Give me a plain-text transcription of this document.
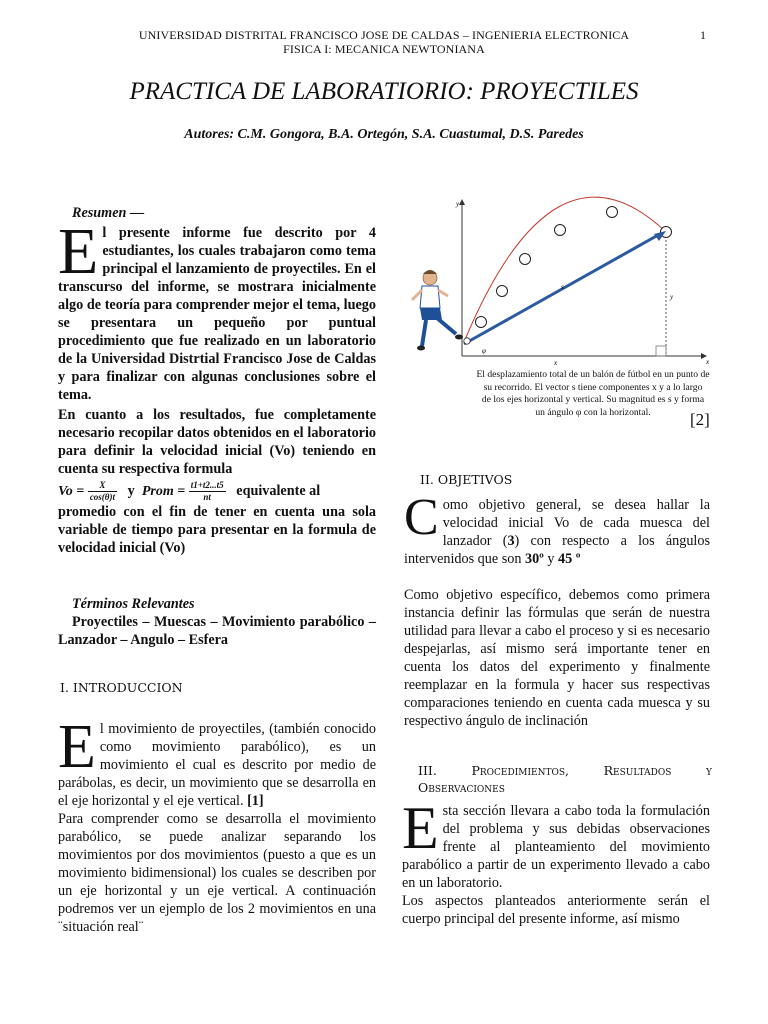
UNIVERSIDAD DISTRITAL FRANCISCO JOSE DE CALDAS – INGENIERIA ELECTRONICA
FISICA I: MECANICA NEWTONIANA
1
PRACTICA DE LABORATIORIO: PROYECTILES
Autores: C.M. Gongora, B.A. Ortegón, S.A. Cuastumal, D.S. Paredes
Resumen —
E l presente informe fue descrito por 4 estudiantes, los cuales trabajaron como tema principal el lanzamiento de proyectiles. En el transcurso del informe, se mostrara inicialmente algo de teoría para comprender mejor el tema, luego se presentara un pequeño por puntual procedimiento que fue realizado en un laboratorio de la Universidad Distrtial Francisco Jose de Caldas y para finalizar con algunas conclusiones sobre el tema.
En cuanto a los resultados, fue completamente necesario recopilar datos obtenidos en el laboratorio para definir la velocidad inicial (Vo) teniendo en cuenta su respectiva formula
$Vo = \frac{X}{\cos(\theta)t}$ y Prom = $\frac{t1+t2...t5}{nt}$ equivalente al
promedio con el fin de tener en cuenta una sola variable de tiempo para presentar en la formula de velocidad inicial (Vo)
Términos Relevantes
Proyectiles – Muescas – Movimiento parabólico – Lanzador – Angulo – Esfera
I. INTRODUCCION
E l movimiento de proyectiles, (también conocido como movimiento parabólico), es un movimiento el cual es descrito por medio de parábolas, es decir, un movimiento que se desarrolla en el eje horizontal y el eje vertical. [1]
Para comprender como se desarrolla el movimiento parabólico, se puede analizar separando los movimientos por dos movimientos (puesto a que es un movimiento bidimensional) los cuales se describen por un eje horizontal y un eje vertical. A continuación podremos ver un ejemplo de los 2 movimientos en una ¨situación real¨
y
x
s
y
x
φ
El desplazamiento total de un balón de fútbol en un punto de
su recorrido. El vector s tiene componentes x y a lo largo
de los ejes horizontal y vertical. Su magnitud es s y forma
un ángulo φ con la horizontal.	[2]
II. OBJETIVOS
C omo objetivo general, se desea hallar la velocidad inicial Vo de cada muesca del lanzador (3) con respecto a los ángulos intervenidos que son 30º y 45 º
Como objetivo específico, debemos como primera instancia definir las fórmulas que serán de nuestra utilidad para llevar a cabo el proceso y si es necesario despejarlas, así mismo será importante tener en cuenta los datos del experimento y finalmente reemplazar en la formula y hacer sus respectivas comparaciones teniendo en cuenta cada muesca y su respectivo ángulo de inclinación
III. Procedimientos, Resultados y
Observaciones
E sta sección llevara a cabo toda la formulación del problema y sus debidas observaciones frente al planteamiento del movimiento parabólico a partir de un experimento llevado a cabo en un laboratorio.
Los aspectos planteados anteriormente serán el cuerpo principal del presente informe, así mismo
